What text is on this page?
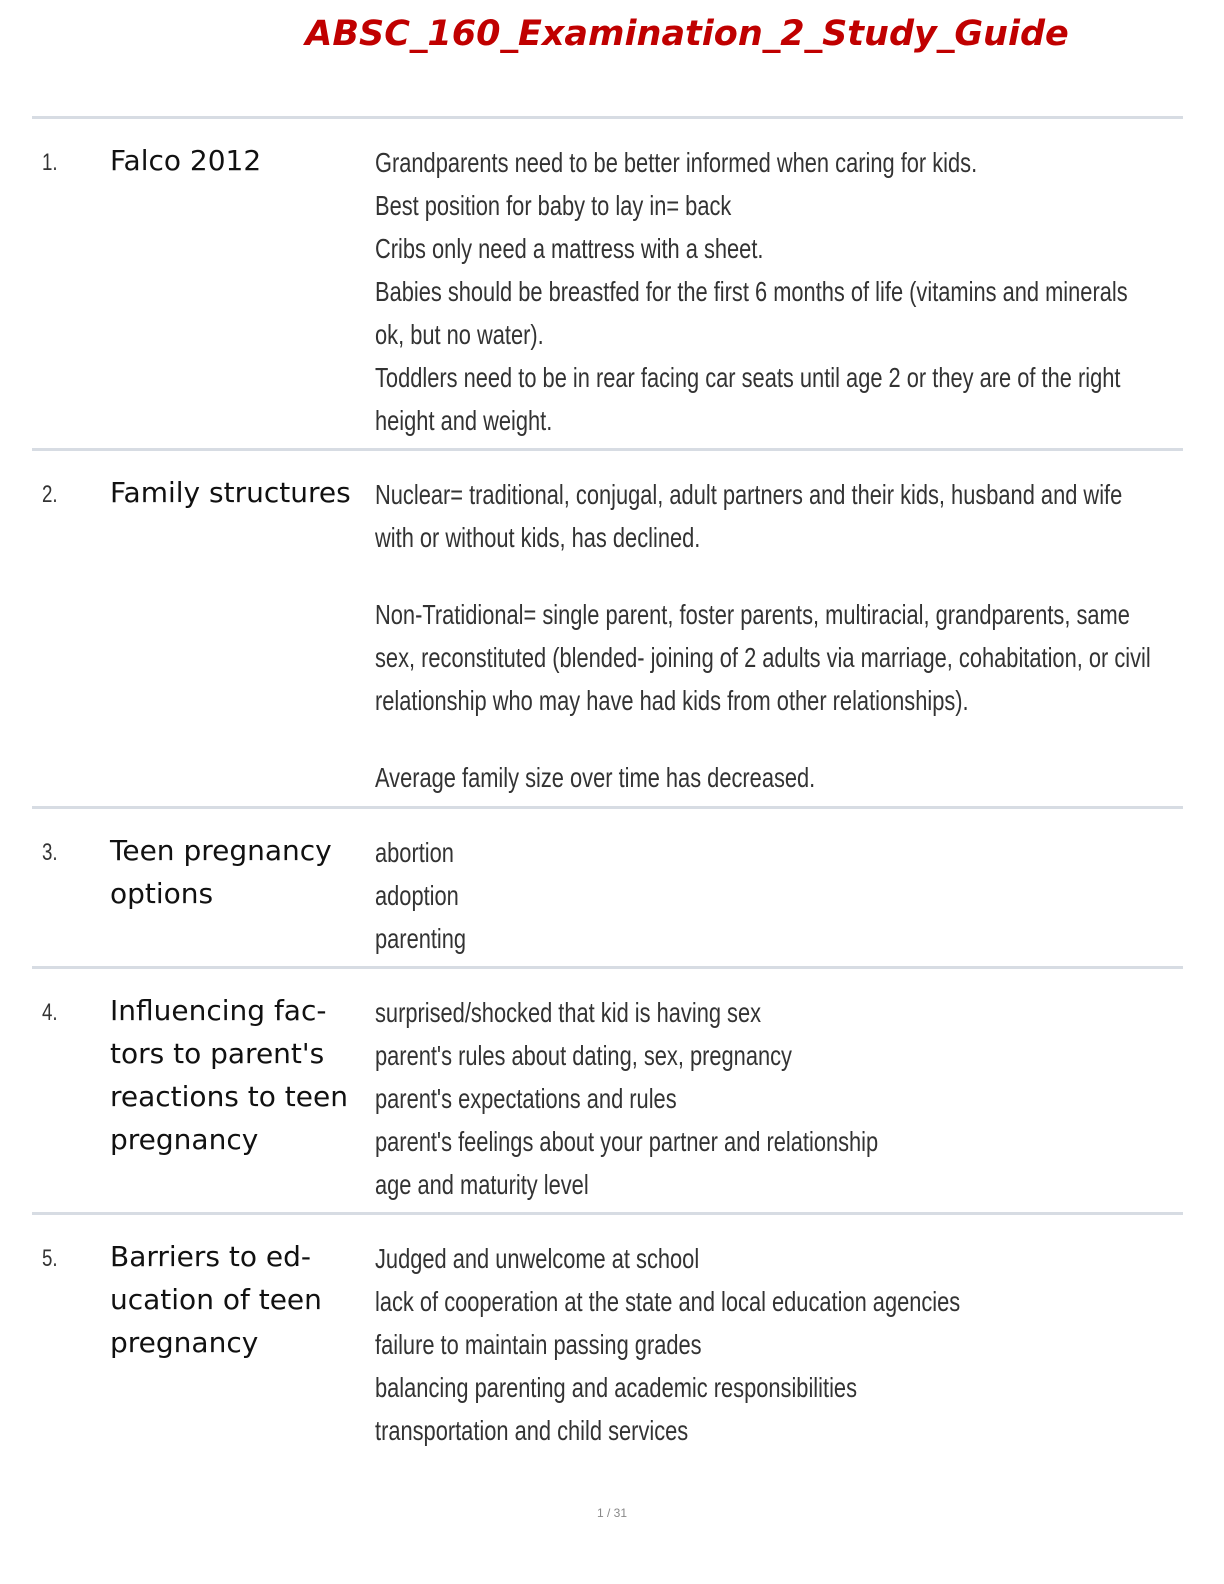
ABSC_160_Examination_2_Study_Guide
1. Falco 2012	Grandparents need to be better informed when caring for kids.
Best position for baby to lay in= back
Cribs only need a mattress with a sheet.
Babies should be breastfed for the first 6 months of life (vitamins and minerals
ok, but no water).
Toddlers need to be in rear facing car seats until age 2 or they are of the right
height and weight.
2. Family structures Nuclear= traditional, conjugal, adult partners and their kids, husband and wife
with or without kids, has declined.
Non-Tratidional= single parent, foster parents, multiracial, grandparents, same
sex, reconstituted (blended- joining of 2 adults via marriage, cohabitation, or civil
relationship who may have had kids from other relationships).
Average family size over time has decreased.
3. Teen pregnancy options
abortion
adoption
parenting
4. Influencing fac-tors to parent's reactions to teen pregnancy
surprised/shocked that kid is having sex
parent's rules about dating, sex, pregnancy
parent's expectations and rules
parent's feelings about your partner and relationship
age and maturity level
5. Barriers to ed-ucation of teen pregnancy
Judged and unwelcome at school
lack of cooperation at the state and local education agencies
failure to maintain passing grades
balancing parenting and academic responsibilities
transportation and child services
1 / 31
